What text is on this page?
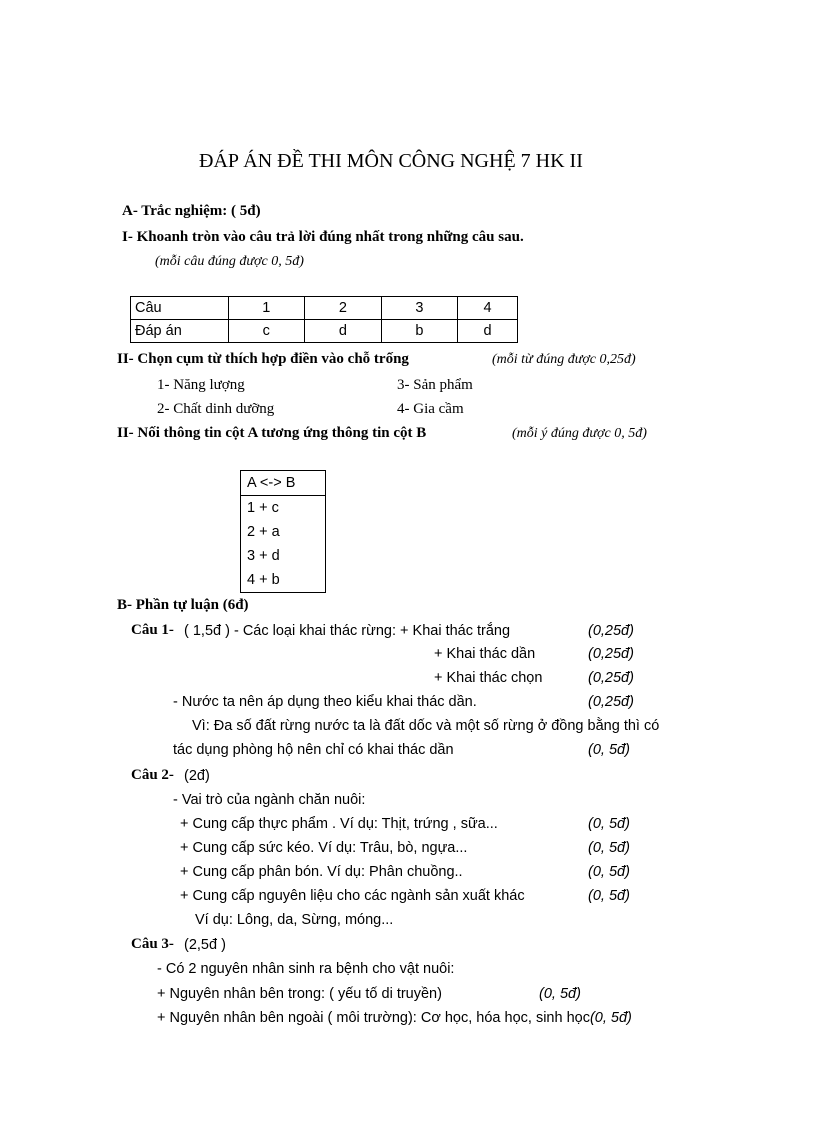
ĐÁP ÁN ĐỀ THI MÔN CÔNG NGHỆ 7 HK II
A- Trắc nghiệm: ( 5đ)
I- Khoanh tròn vào câu trả lời đúng nhất trong những câu sau.
(mỗi câu đúng được 0, 5đ)
Câu	1	2	3	4
Đáp án	c	d	b	d
II- Chọn cụm từ thích hợp điền vào chỗ trống	(mỗi từ đúng được 0,25đ)
1- Năng lượng	3- Sản phẩm
2- Chất dinh dưỡng	4- Gia cầm
II- Nối thông tin cột A tương ứng thông tin cột B	(mỗi ý đúng được 0, 5đ)
A <-> B
1 + c
2 + a
3 + d
4 + b
B- Phần tự luận (6đ)
Câu 1- ( 1,5đ ) - Các loại khai thác rừng: + Khai thác trắng	(0,25đ)
+ Khai thác dần	(0,25đ)
+ Khai thác chọn	(0,25đ)
- Nước ta nên áp dụng theo kiểu khai thác dần.	(0,25đ)
Vì: Đa số đất rừng nước ta là đất dốc và một số rừng ở đồng bằng thì có
tác dụng phòng hộ nên chỉ có khai thác dần	(0, 5đ)
Câu 2- (2đ)
- Vai trò của ngành chăn nuôi:
+ Cung cấp thực phẩm . Ví dụ: Thịt, trứng , sữa...	(0, 5đ)
+ Cung cấp sức kéo. Ví dụ: Trâu, bò, ngựa...	(0, 5đ)
+ Cung cấp phân bón. Ví dụ: Phân chuồng..	(0, 5đ)
+ Cung cấp nguyên liệu cho các ngành sản xuất khác	(0, 5đ)
Ví dụ: Lông, da, Sừng, móng...
Câu 3- (2,5đ )
- Có 2 nguyên nhân sinh ra bệnh cho vật nuôi:
+ Nguyên nhân bên trong: ( yếu tố di truyền)	(0, 5đ)
+ Nguyên nhân bên ngoài ( môi trường): Cơ học, hóa học, sinh học(0, 5đ)
